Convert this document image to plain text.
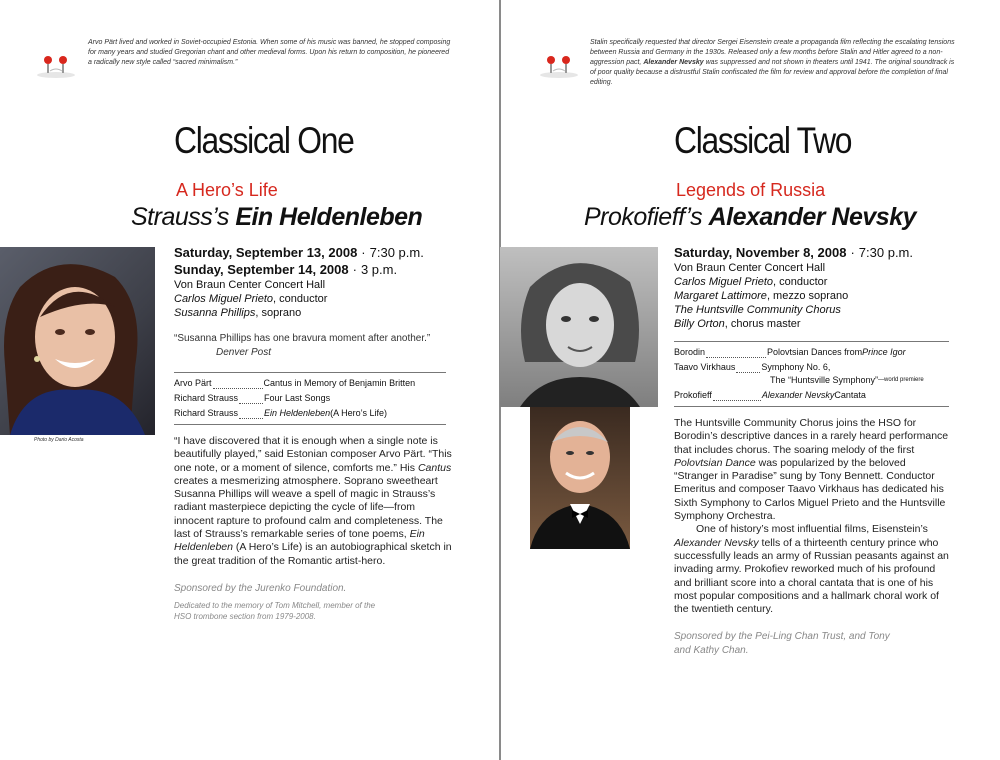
Arvo Pärt lived and worked in Soviet-occupied Estonia. When some of his music was banned, he stopped composing for many years and studied Gregorian chant and other medieval forms. Upon his return to composition, he pioneered a radically new style called “sacred minimalism.”
Classical One
A Hero’s Life
Strauss’s Ein Heldenleben
Photo by Dario Acosta
Saturday, September 13, 2008 · 7:30 p.m.
Sunday, September 14, 2008 · 3 p.m.
Von Braun Center Concert Hall
Carlos Miguel Prieto, conductor
Susanna Phillips, soprano
“Susanna Phillips has one bravura moment after another.”
Denver Post
Arvo Pärt	Cantus in Memory of Benjamin Britten
Richard Strauss	Four Last Songs
Richard Strauss	Ein Heldenleben (A Hero’s Life)
“I have discovered that it is enough when a single note is beautifully played,” said Estonian composer Arvo Pärt. “This one note, or a moment of silence, comforts me.” His Cantus creates a mesmerizing atmosphere. Soprano sweetheart Susanna Phillips will weave a spell of magic in Strauss’s radiant masterpiece depicting the cycle of life—from innocent rapture to profound calm and completeness. The last of Strauss’s remarkable series of tone poems, Ein Heldenleben (A Hero’s Life) is an autobiographical sketch in the great tradition of the Romantic artist-hero.
Sponsored by the Jurenko Foundation.
Dedicated to the memory of Tom Mitchell, member of the HSO trombone section from 1979-2008.
Stalin specifically requested that director Sergei Eisenstein create a propaganda film reflecting the escalating tensions between Russia and Germany in the 1930s. Released only a few months before Stalin and Hitler agreed to a non-aggression pact, Alexander Nevsky was suppressed and not shown in theaters until 1941. The original soundtrack is of poor quality because a distrustful Stalin confiscated the film for review and approval before the completion of final editing.
Classical Two
Legends of Russia
Prokofieff’s Alexander Nevsky
Saturday, November 8, 2008 · 7:30 p.m.
Von Braun Center Concert Hall
Carlos Miguel Prieto, conductor
Margaret Lattimore, mezzo soprano
The Huntsville Community Chorus
Billy Orton, chorus master
Borodin	Polovtsian Dances from Prince Igor
Taavo Virkhaus	Symphony No. 6,
The “Huntsville Symphony” —world premiere
Prokofieff	Alexander Nevsky Cantata
The Huntsville Community Chorus joins the HSO for Borodin’s descriptive dances in a rarely heard performance that includes chorus. The soaring melody of the first Polovtsian Dance was popularized by the beloved “Stranger in Paradise” sung by Tony Bennett. Conductor Emeritus and composer Taavo Virkhaus has dedicated his Sixth Symphony to Carlos Miguel Prieto and the Huntsville Symphony Orchestra.
One of history’s most influential films, Eisenstein’s Alexander Nevsky tells of a thirteenth century prince who successfully leads an army of Russian peasants against an invading army. Prokofiev reworked much of his profound and brilliant score into a choral cantata that is one of his most popular compositions and a hallmark choral work of the twentieth century.
Sponsored by the Pei-Ling Chan Trust, and Tony and Kathy Chan.
